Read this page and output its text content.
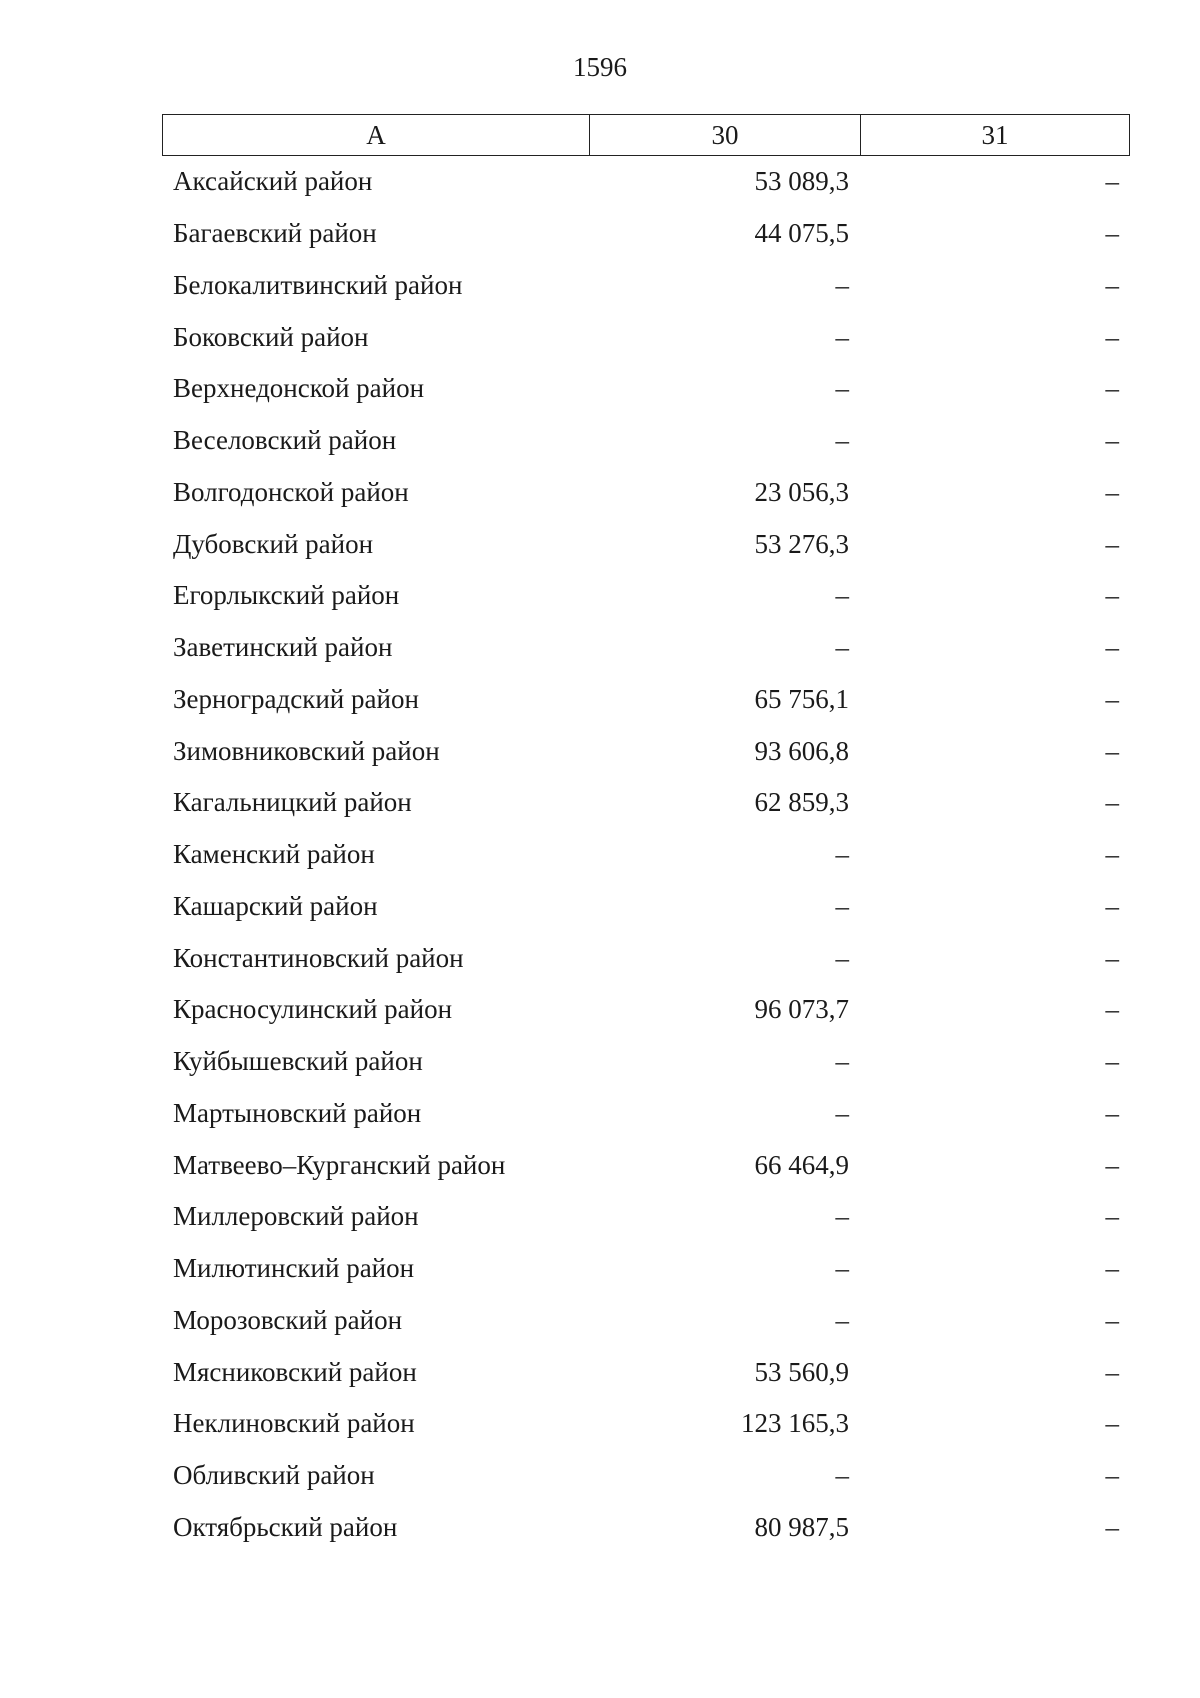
1596
А	30	31
Аксайский район	53 089,3	–
Багаевский район	44 075,5	–
Белокалитвинский район	–	–
Боковский район	–	–
Верхнедонской район	–	–
Веселовский район	–	–
Волгодонской район	23 056,3	–
Дубовский район	53 276,3	–
Егорлыкский район	–	–
Заветинский район	–	–
Зерноградский район	65 756,1	–
Зимовниковский район	93 606,8	–
Кагальницкий район	62 859,3	–
Каменский район	–	–
Кашарский район	–	–
Константиновский район	–	–
Красносулинский район	96 073,7	–
Куйбышевский район	–	–
Мартыновский район	–	–
Матвеево–Курганский район	66 464,9	–
Миллеровский район	–	–
Милютинский район	–	–
Морозовский район	–	–
Мясниковский район	53 560,9	–
Неклиновский район	123 165,3	–
Обливский район	–	–
Октябрьский район	80 987,5	–
